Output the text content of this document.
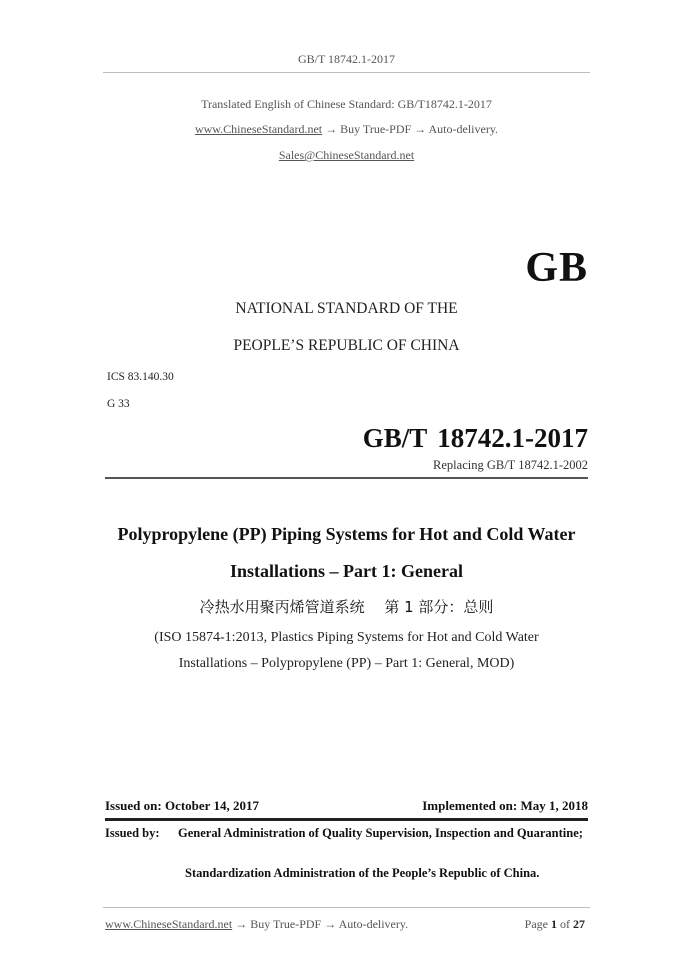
GB/T 18742.1-2017
Translated English of Chinese Standard: GB/T18742.1-2017
www.ChineseStandard.net → Buy True-PDF → Auto-delivery.
Sales@ChineseStandard.net
GB
NATIONAL STANDARD OF THE
PEOPLE’S REPUBLIC OF CHINA
ICS 83.140.30
G 33
GB/T 18742.1-2017
Replacing GB/T 18742.1-2002
Polypropylene (PP) Piping Systems for Hot and Cold Water
Installations – Part 1: General
冷热水用聚丙烯管道系统　 第 1 部分：总则
(ISO 15874-1:2013, Plastics Piping Systems for Hot and Cold Water
Installations – Polypropylene (PP) – Part 1: General, MOD)
Issued on: October 14, 2017	Implemented on: May 1, 2018
Issued by: General Administration of Quality Supervision, Inspection and Quarantine;
Standardization Administration of the People’s Republic of China.
www.ChineseStandard.net → Buy True-PDF → Auto-delivery.	Page 1 of 27
